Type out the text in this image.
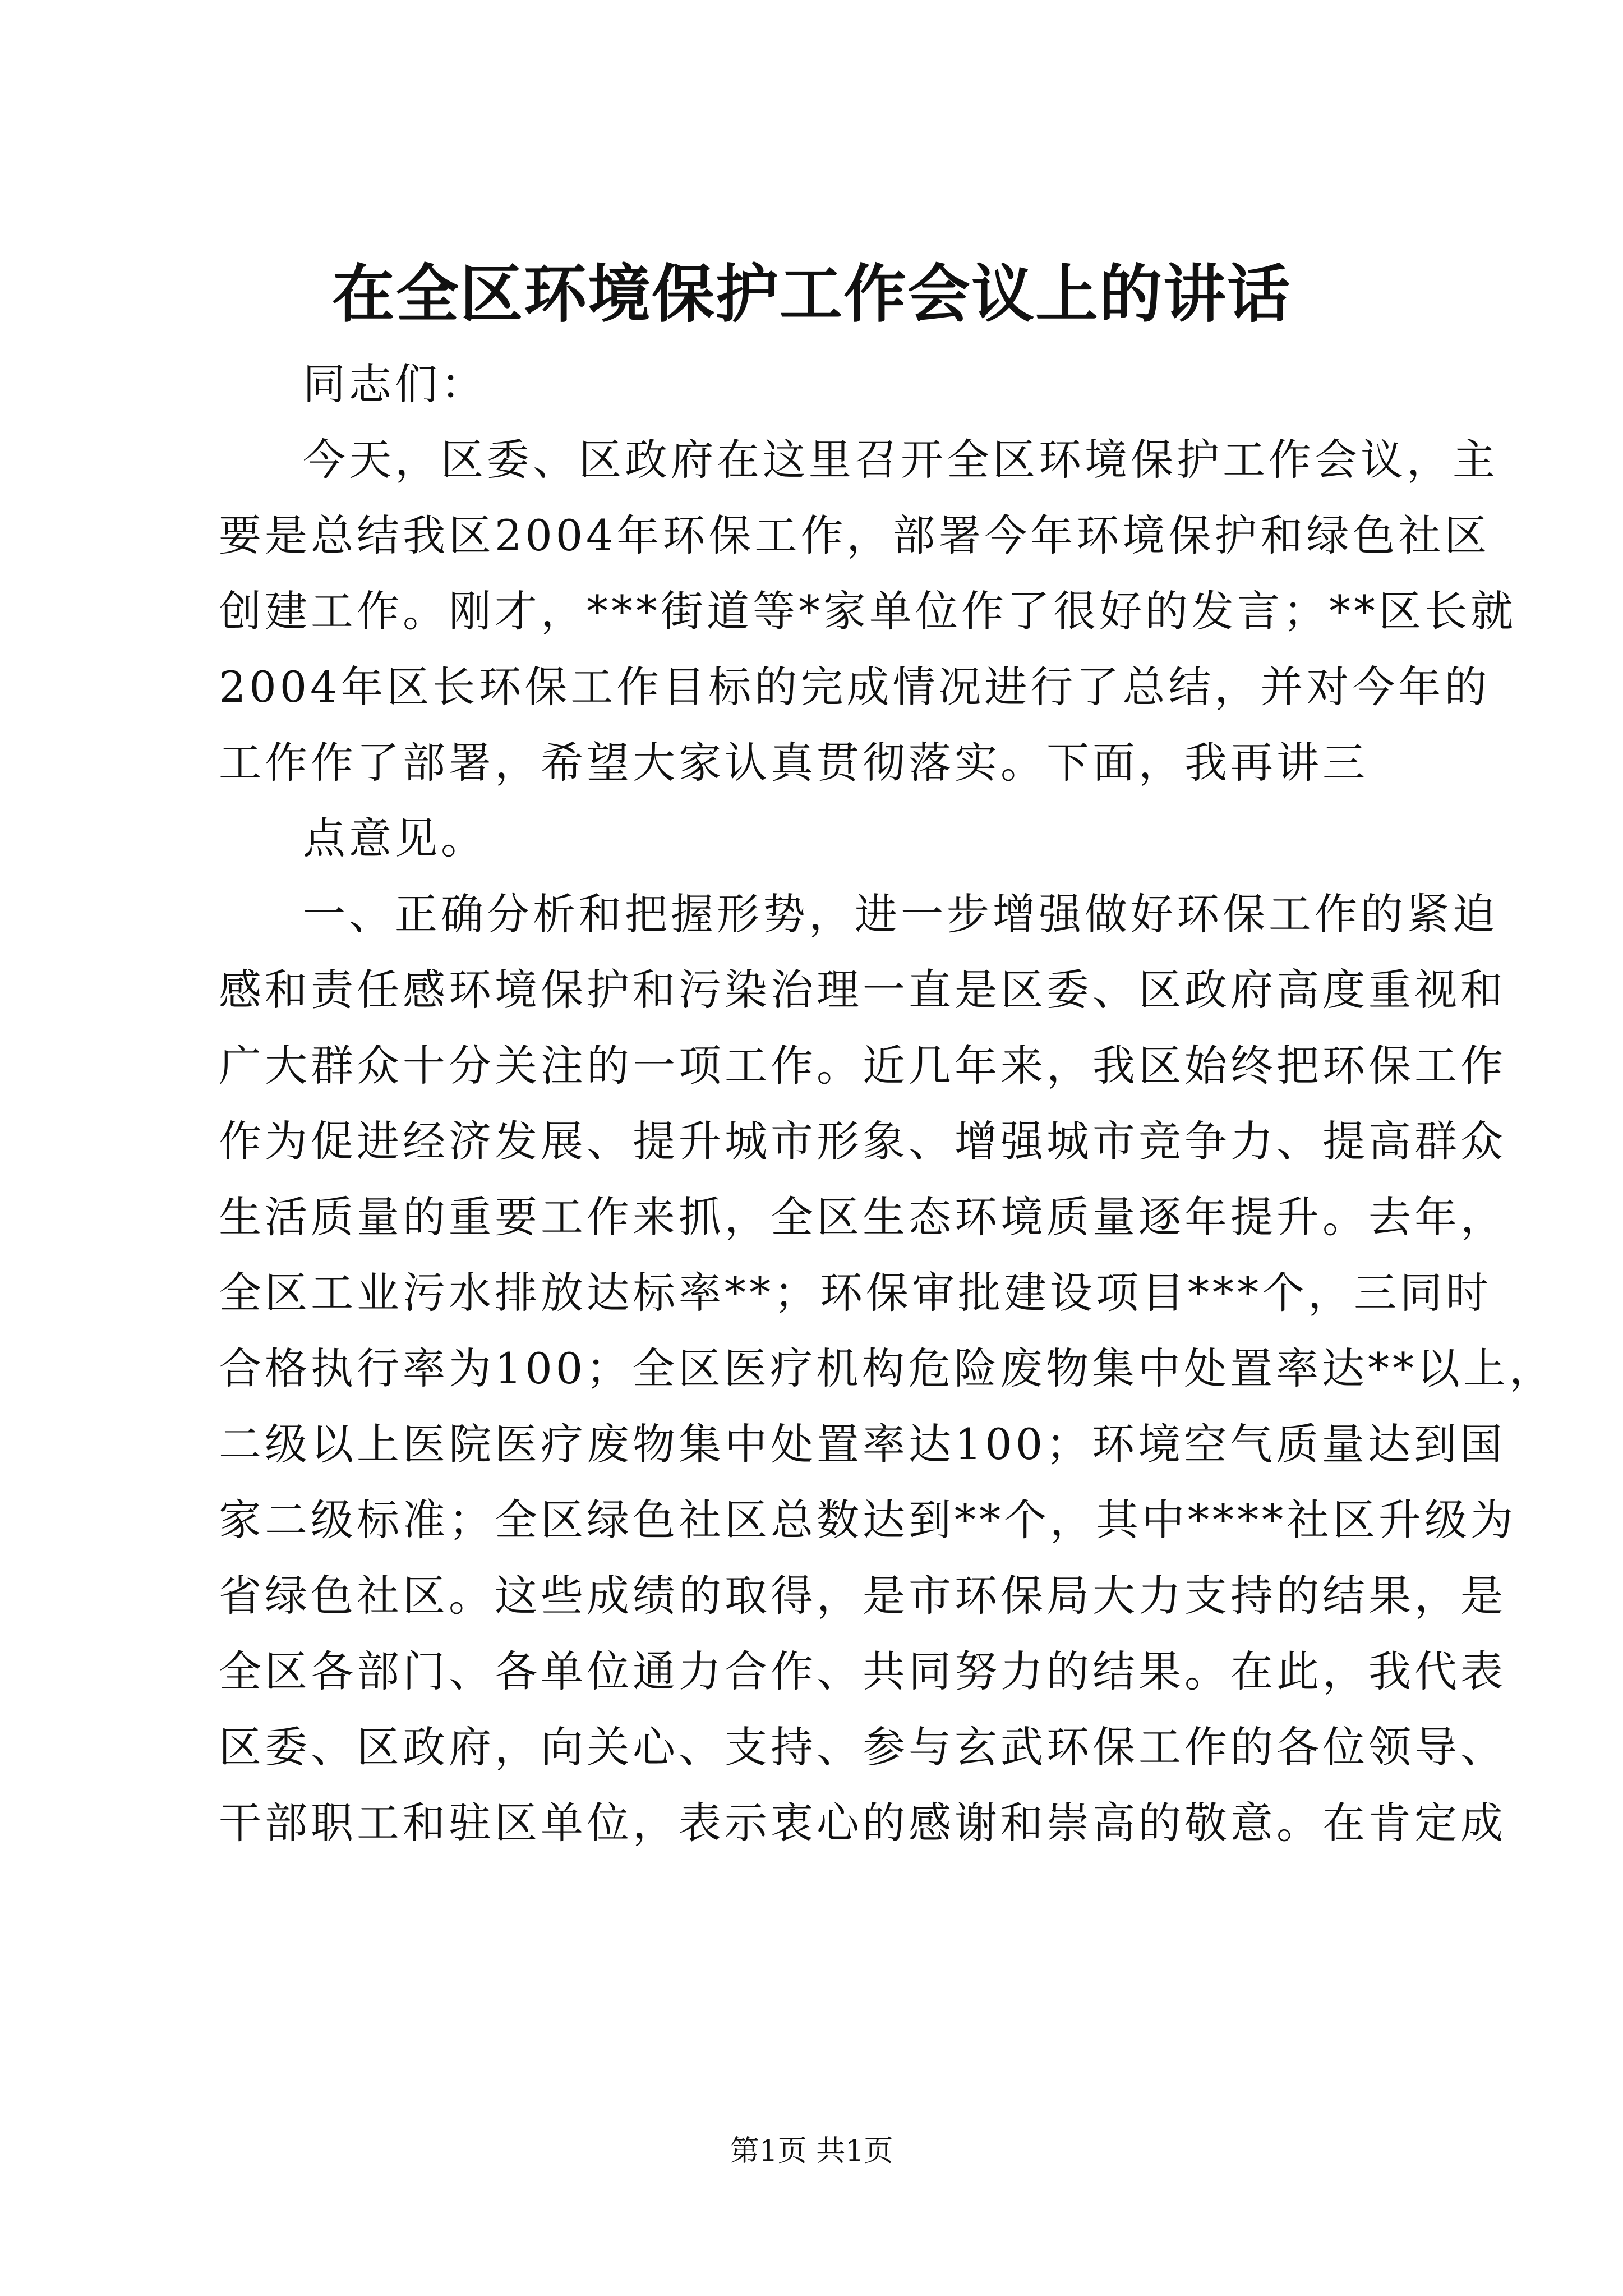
在全区环境保护工作会议上的讲话
同志们：
今天，区委、区政府在这里召开全区环境保护工作会议，主
要是总结我区2004年环保工作，部署今年环境保护和绿色社区
创建工作。刚才，***街道等*家单位作了很好的发言；**区长就
2004年区长环保工作目标的完成情况进行了总结，并对今年的
工作作了部署，希望大家认真贯彻落实。下面，我再讲三
点意见。
一、正确分析和把握形势，进一步增强做好环保工作的紧迫
感和责任感环境保护和污染治理一直是区委、区政府高度重视和
广大群众十分关注的一项工作。近几年来，我区始终把环保工作
作为促进经济发展、提升城市形象、增强城市竞争力、提高群众
生活质量的重要工作来抓，全区生态环境质量逐年提升。去年，
全区工业污水排放达标率**；环保审批建设项目***个，三同时
合格执行率为100；全区医疗机构危险废物集中处置率达**以上，
二级以上医院医疗废物集中处置率达100；环境空气质量达到国
家二级标准；全区绿色社区总数达到**个，其中****社区升级为
省绿色社区。这些成绩的取得，是市环保局大力支持的结果，是
全区各部门、各单位通力合作、共同努力的结果。在此，我代表
区委、区政府，向关心、支持、参与玄武环保工作的各位领导、
干部职工和驻区单位，表示衷心的感谢和崇高的敬意。在肯定成
第1页 共1页
